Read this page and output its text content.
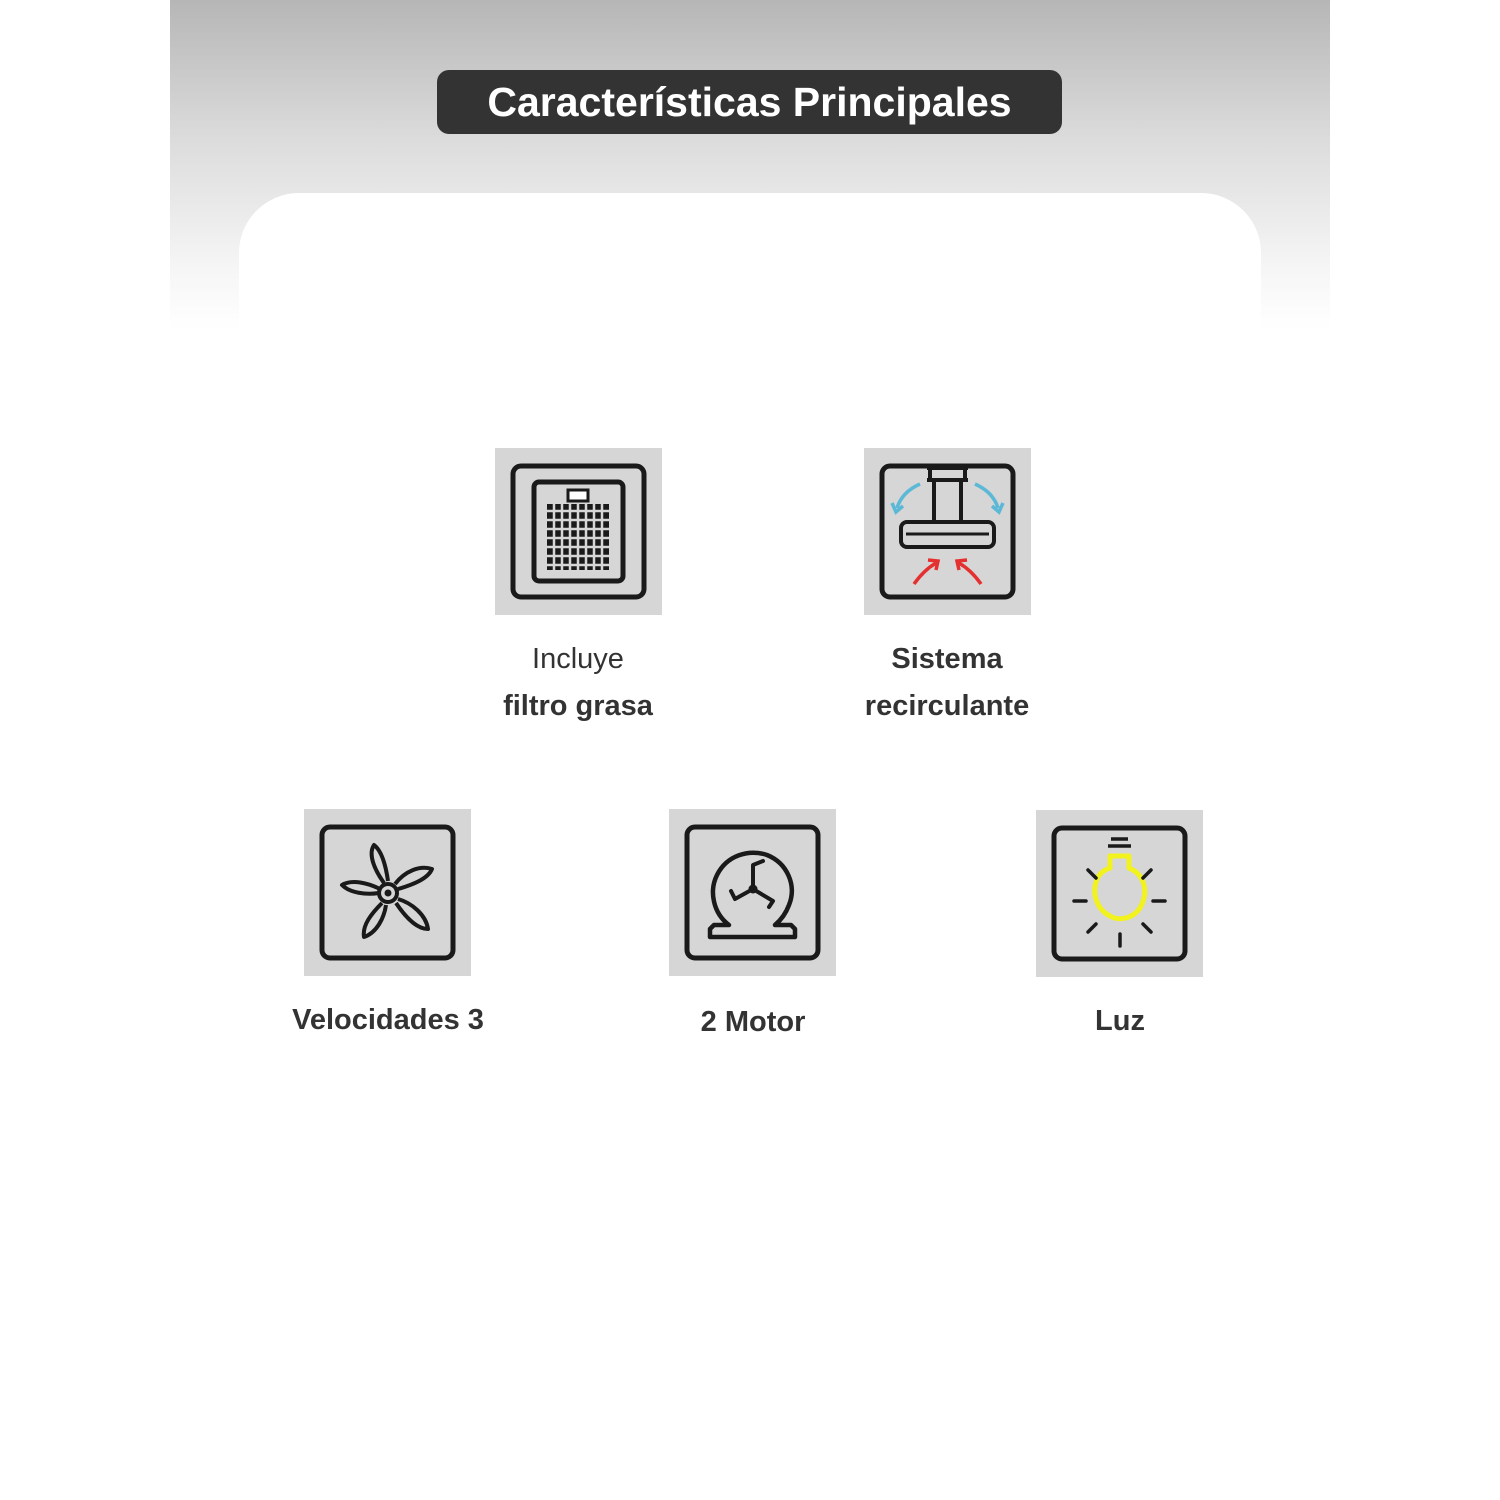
Características Principales
Incluye
filtro grasa
Sistema
recirculante
Velocidades 3	2 Motor	Luz
